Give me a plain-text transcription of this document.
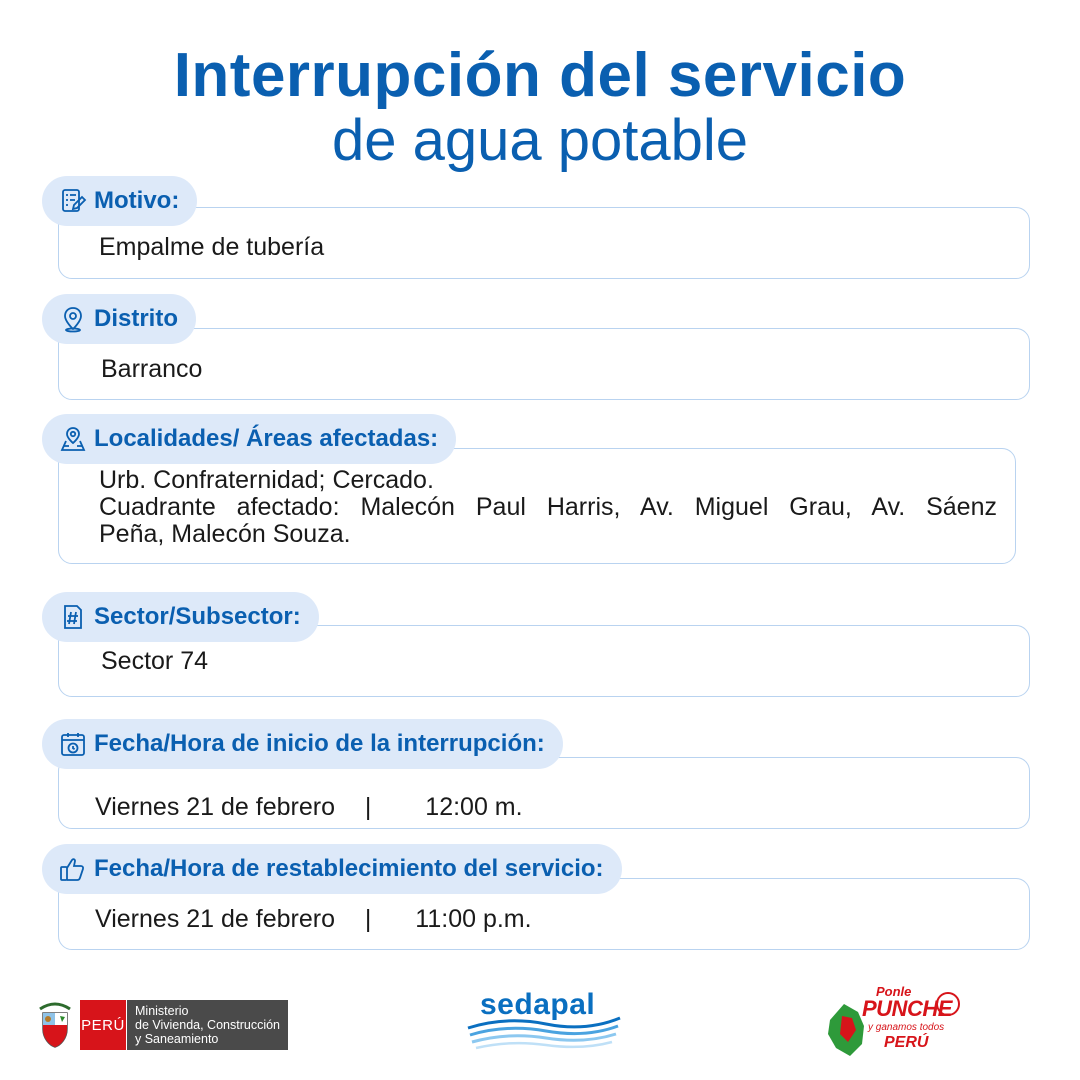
Interrupción del servicio
de agua potable
Empalme de tubería
Motivo:
Barranco
Distrito
Urb. Confraternidad; Cercado.
Cuadrante afectado: Malecón Paul Harris, Av. Miguel Grau, Av. Sáenz
Peña, Malecón Souza.
Localidades/ Áreas afectadas:
Sector 74
Sector/Subsector:
Viernes 21 de febrero | 12:00 m.
Fecha/Hora de inicio de la interrupción:
Viernes 21 de febrero | 11:00 p.m.
Fecha/Hora de restablecimiento del servicio:
PERÚ
Ministerio
de Vivienda, Construcción
y Saneamiento
sedapal	Ponle
PUNCHE
y ganamos todos
PERÚ
